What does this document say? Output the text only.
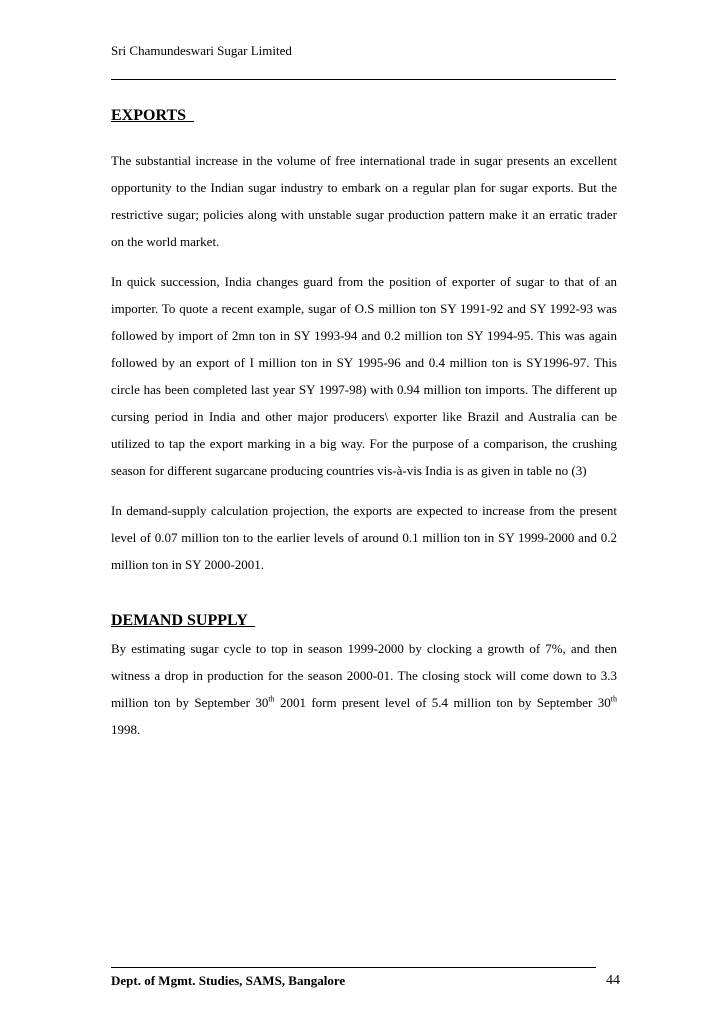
Sri Chamundeswari Sugar Limited
EXPORTS

The substantial increase in the volume of free international trade in sugar presents an excellent opportunity to the Indian sugar industry to embark on a regular plan for sugar exports. But the restrictive sugar; policies along with unstable sugar production pattern make it an erratic trader on the world market.

In quick succession, India changes guard from the position of exporter of sugar to that of an importer. To quote a recent example, sugar of O.S million ton SY 1991-92 and SY 1992-93 was followed by import of 2mn ton in SY 1993-94 and 0.2 million ton SY 1994-95. This was again followed by an export of I million ton in SY 1995-96 and 0.4 million ton is SY1996-97. This circle has been completed last year SY 1997-98) with 0.94 million ton imports. The different up cursing period in India and other major producers\ exporter like Brazil and Australia can be utilized to tap the export marking in a big way. For the purpose of a comparison, the crushing season for different sugarcane producing countries vis-à-vis India is as given in table no (3)

In demand-supply calculation projection, the exports are expected to increase from the present level of 0.07 million ton to the earlier levels of around 0.1 million ton in SY 1999-2000 and 0.2 million ton in SY 2000-2001.

DEMAND SUPPLY

By estimating sugar cycle to top in season 1999-2000 by clocking a growth of 7%, and then witness a drop in production for the season 2000-01. The closing stock will come down to 3.3 million ton by September 30th 2001 form present level of 5.4 million ton by September 30th 1998.

Dept. of Mgmt. Studies, SAMS, Bangalore	44
